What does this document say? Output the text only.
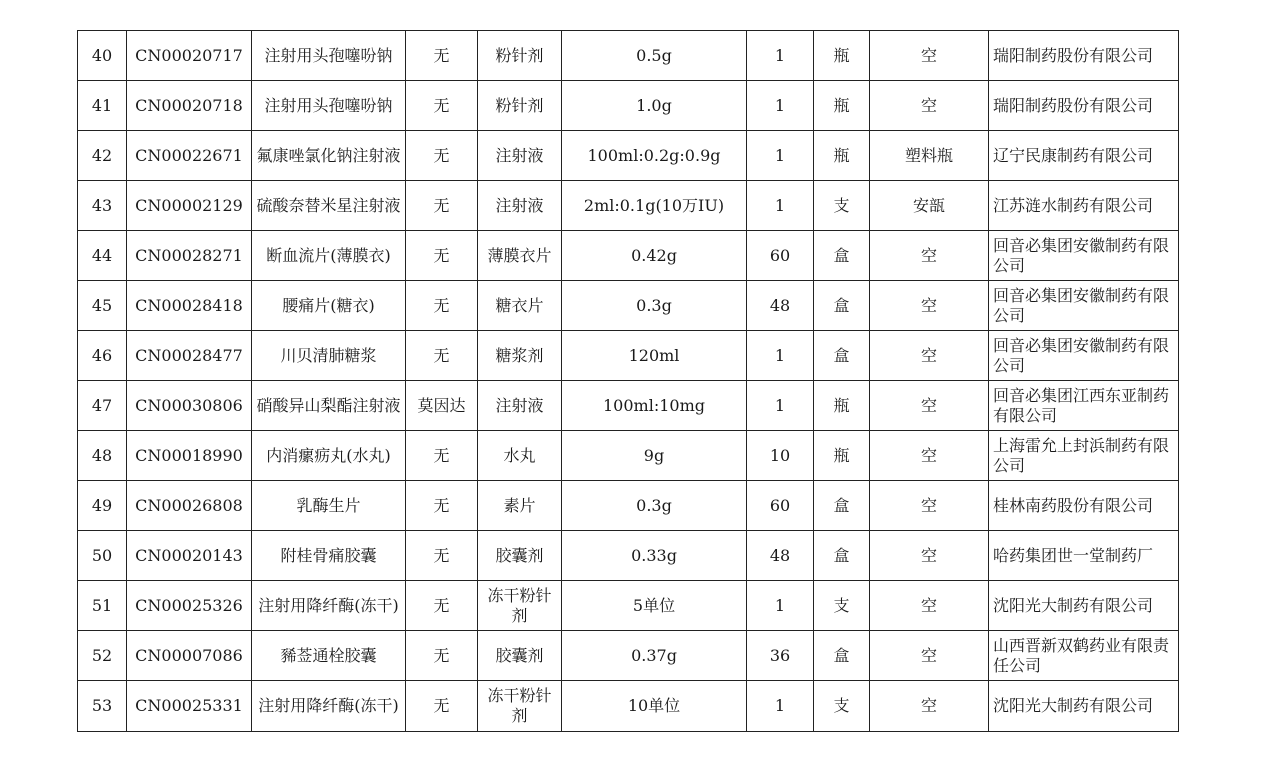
40	CN00020717	注射用头孢噻吩钠	无	粉针剂	0.5g	1	瓶	空	瑞阳制药股份有限公司
41	CN00020718	注射用头孢噻吩钠	无	粉针剂	1.0g	1	瓶	空	瑞阳制药股份有限公司
42	CN00022671	氟康唑氯化钠注射液	无	注射液	100ml:0.2g:0.9g	1	瓶	塑料瓶	辽宁民康制药有限公司
43	CN00002129	硫酸奈替米星注射液	无	注射液	2ml:0.1g(10万IU)	1	支	安瓿	江苏涟水制药有限公司
44	CN00028271	断血流片(薄膜衣)	无	薄膜衣片	0.42g	60	盒	空	回音必集团安徽制药有限公司
45	CN00028418	腰痛片(糖衣)	无	糖衣片	0.3g	48	盒	空	回音必集团安徽制药有限公司
46	CN00028477	川贝清肺糖浆	无	糖浆剂	120ml	1	盒	空	回音必集团安徽制药有限公司
47	CN00030806	硝酸异山梨酯注射液	莫因达	注射液	100ml:10mg	1	瓶	空	回音必集团江西东亚制药有限公司
48	CN00018990	内消瘰疬丸(水丸)	无	水丸	9g	10	瓶	空	上海雷允上封浜制药有限公司
49	CN00026808	乳酶生片	无	素片	0.3g	60	盒	空	桂林南药股份有限公司
50	CN00020143	附桂骨痛胶囊	无	胶囊剂	0.33g	48	盒	空	哈药集团世一堂制药厂
51	CN00025326	注射用降纤酶(冻干)	无	冻干粉针剂	5单位	1	支	空	沈阳光大制药有限公司
52	CN00007086	豨莶通栓胶囊	无	胶囊剂	0.37g	36	盒	空	山西晋新双鹤药业有限责任公司
53	CN00025331	注射用降纤酶(冻干)	无	冻干粉针剂	10单位	1	支	空	沈阳光大制药有限公司
